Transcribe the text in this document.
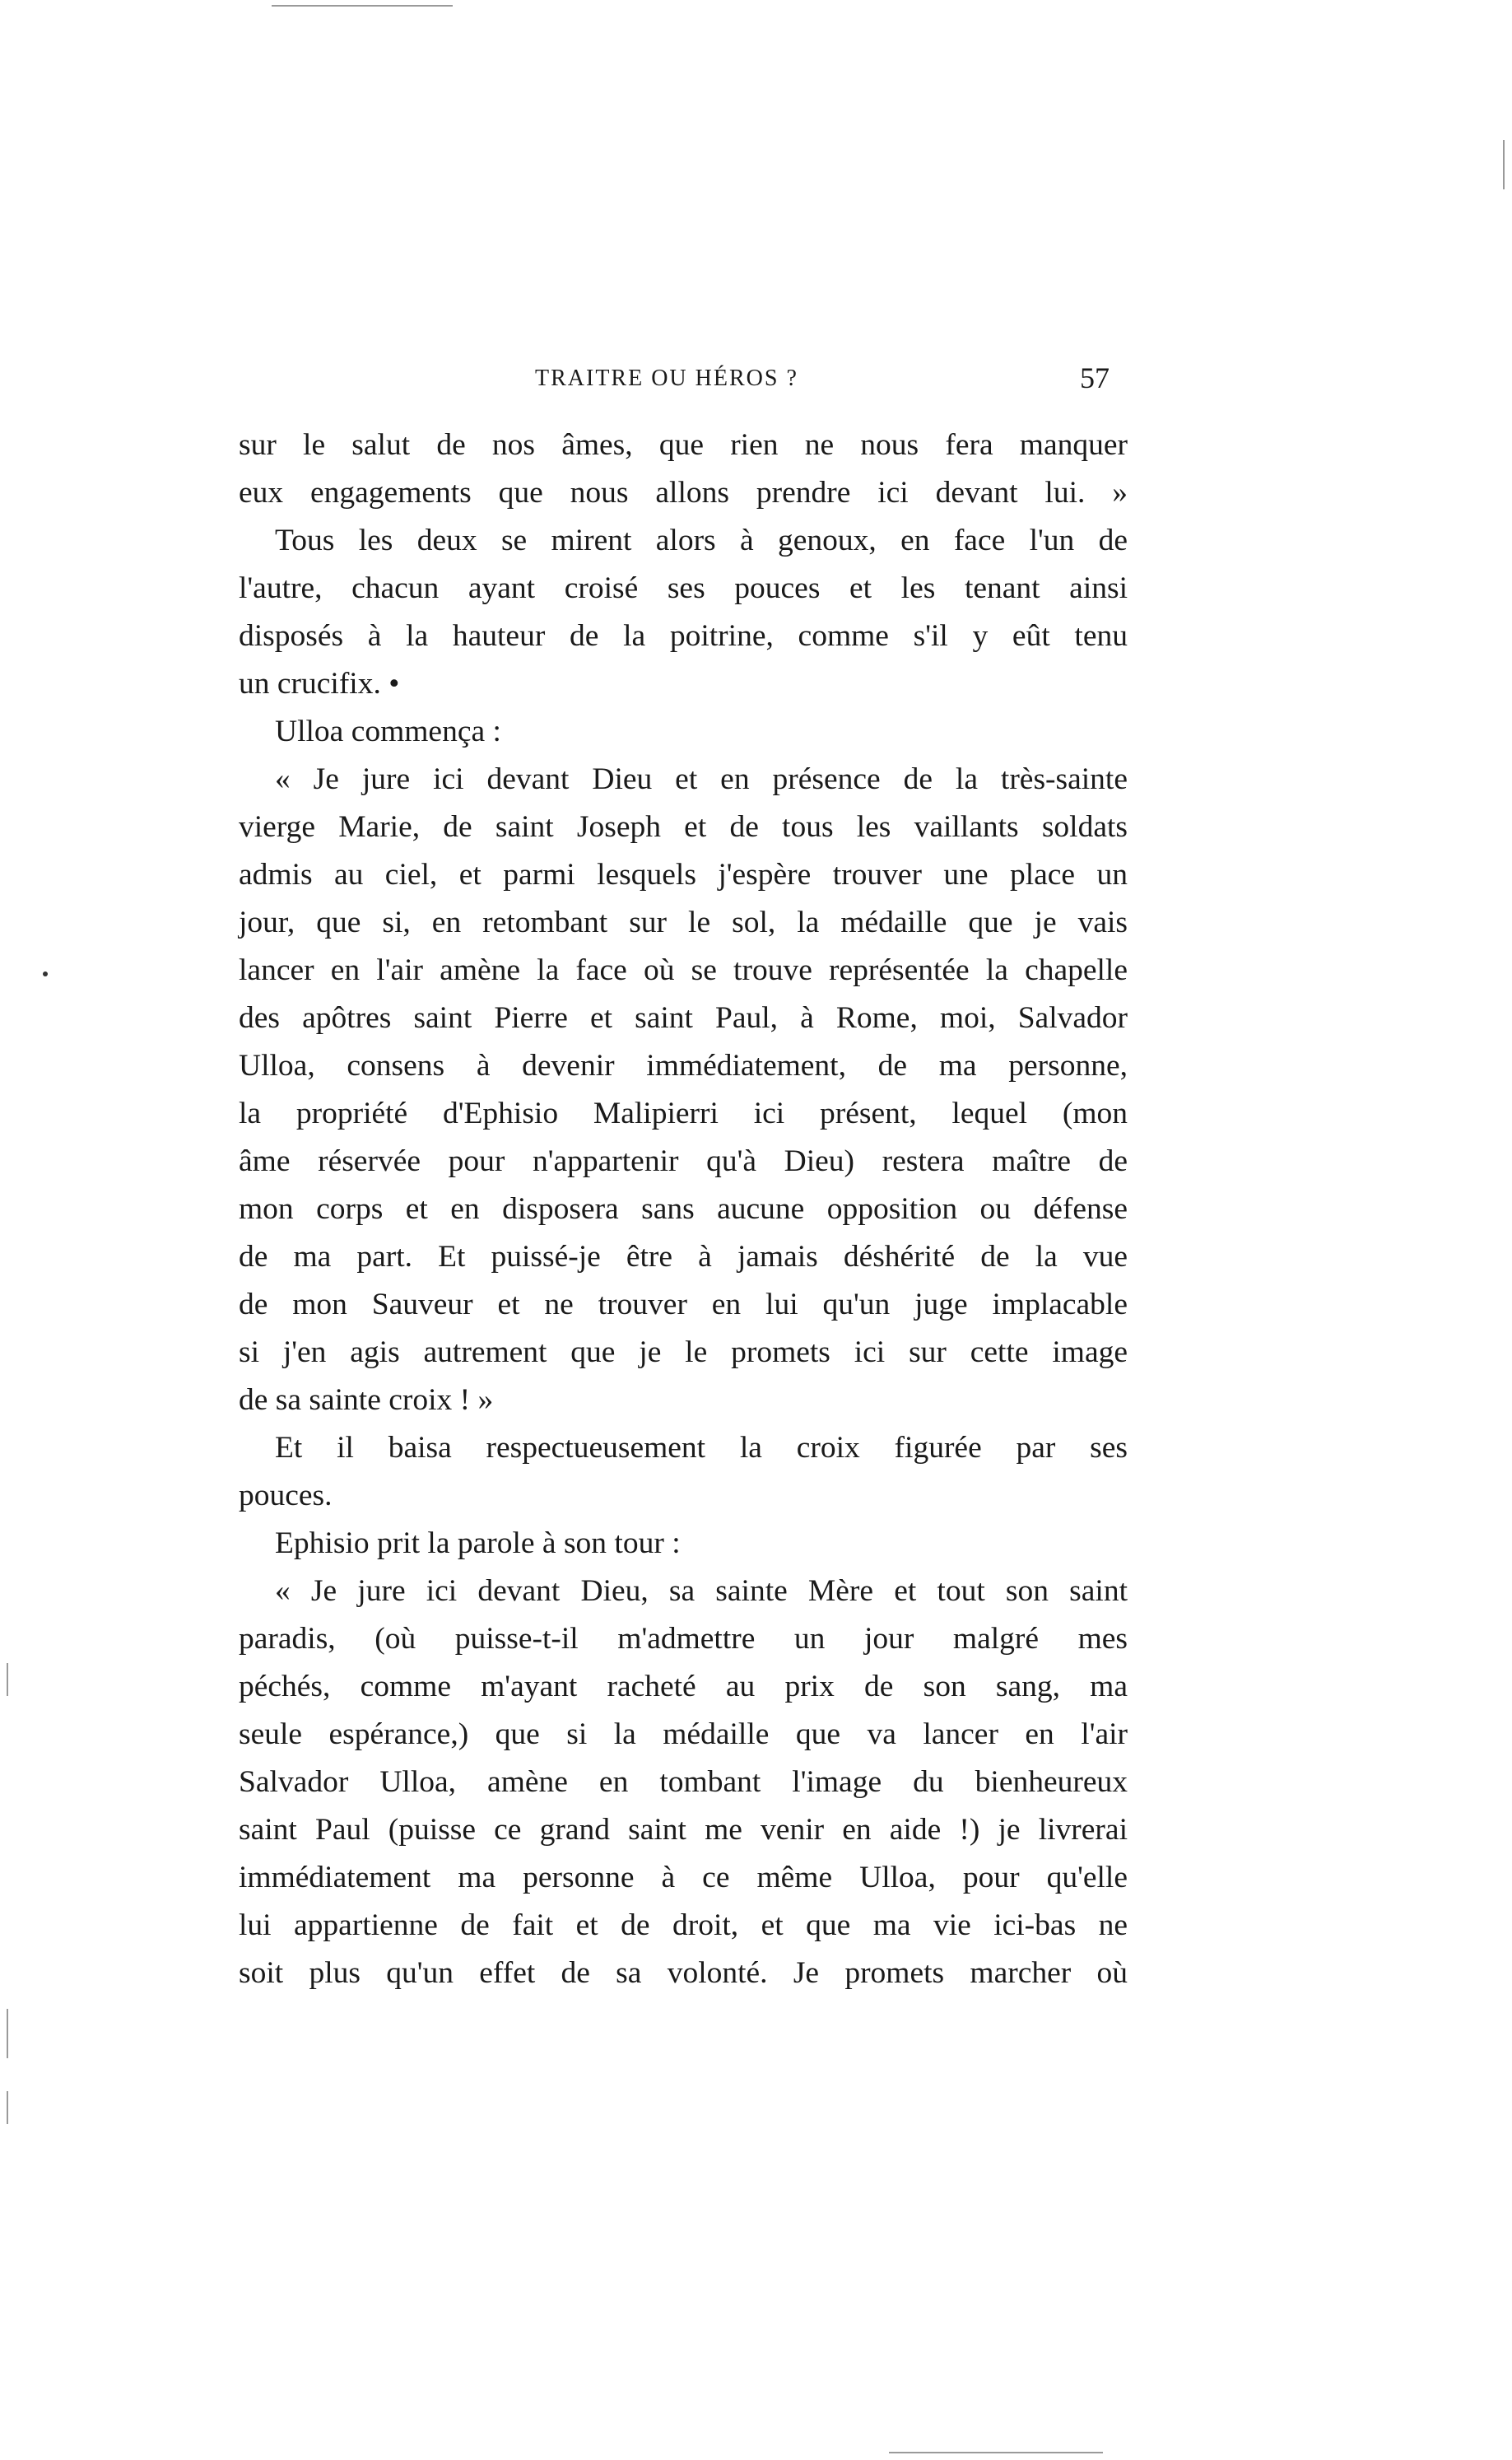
TRAITRE OU HÉROS ?	57
sur le salut de nos âmes, que rien ne nous fera manquer
eux engagements que nous allons prendre ici devant lui. »
Tous les deux se mirent alors à genoux, en face l'un de
l'autre, chacun ayant croisé ses pouces et les tenant ainsi
disposés à la hauteur de la poitrine, comme s'il y eût tenu
un crucifix. •
Ulloa commença :
« Je jure ici devant Dieu et en présence de la très-sainte
vierge Marie, de saint Joseph et de tous les vaillants soldats
admis au ciel, et parmi lesquels j'espère trouver une place un
jour, que si, en retombant sur le sol, la médaille que je vais
lancer en l'air amène la face où se trouve représentée la chapelle
des apôtres saint Pierre et saint Paul, à Rome, moi, Salvador
Ulloa, consens à devenir immédiatement, de ma personne,
la propriété d'Ephisio Malipierri ici présent, lequel (mon
âme réservée pour n'appartenir qu'à Dieu) restera maître de
mon corps et en disposera sans aucune opposition ou défense
de ma part. Et puissé-je être à jamais déshérité de la vue
de mon Sauveur et ne trouver en lui qu'un juge implacable
si j'en agis autrement que je le promets ici sur cette image
de sa sainte croix ! »
Et il baisa respectueusement la croix figurée par ses
pouces.
Ephisio prit la parole à son tour :
« Je jure ici devant Dieu, sa sainte Mère et tout son saint
paradis, (où puisse-t-il m'admettre un jour malgré mes
péchés, comme m'ayant racheté au prix de son sang, ma
seule espérance,) que si la médaille que va lancer en l'air
Salvador Ulloa, amène en tombant l'image du bienheureux
saint Paul (puisse ce grand saint me venir en aide !) je livrerai
immédiatement ma personne à ce même Ulloa, pour qu'elle
lui appartienne de fait et de droit, et que ma vie ici-bas ne
soit plus qu'un effet de sa volonté. Je promets marcher où
